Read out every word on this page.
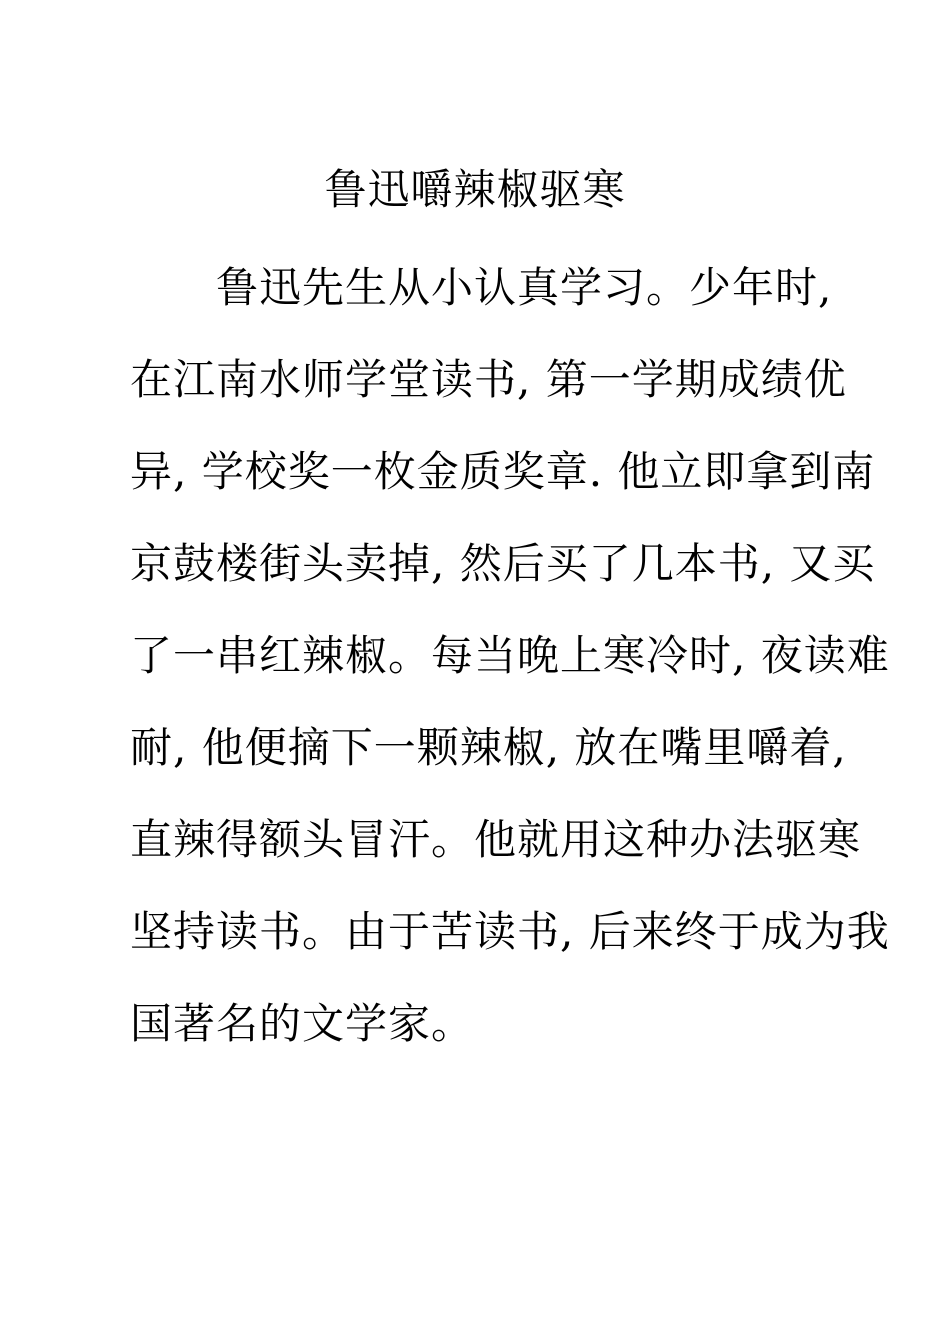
鲁迅嚼辣椒驱寒
鲁迅先生从小认真学习。少年时,
在江南水师学堂读书, 第一学期成绩优
异, 学校奖一枚金质奖章. 他立即拿到南
京鼓楼街头卖掉, 然后买了几本书, 又买
了一串红辣椒。每当晚上寒冷时, 夜读难
耐, 他便摘下一颗辣椒, 放在嘴里嚼着,
直辣得额头冒汗。他就用这种办法驱寒
坚持读书。由于苦读书, 后来终于成为我
国著名的文学家。
